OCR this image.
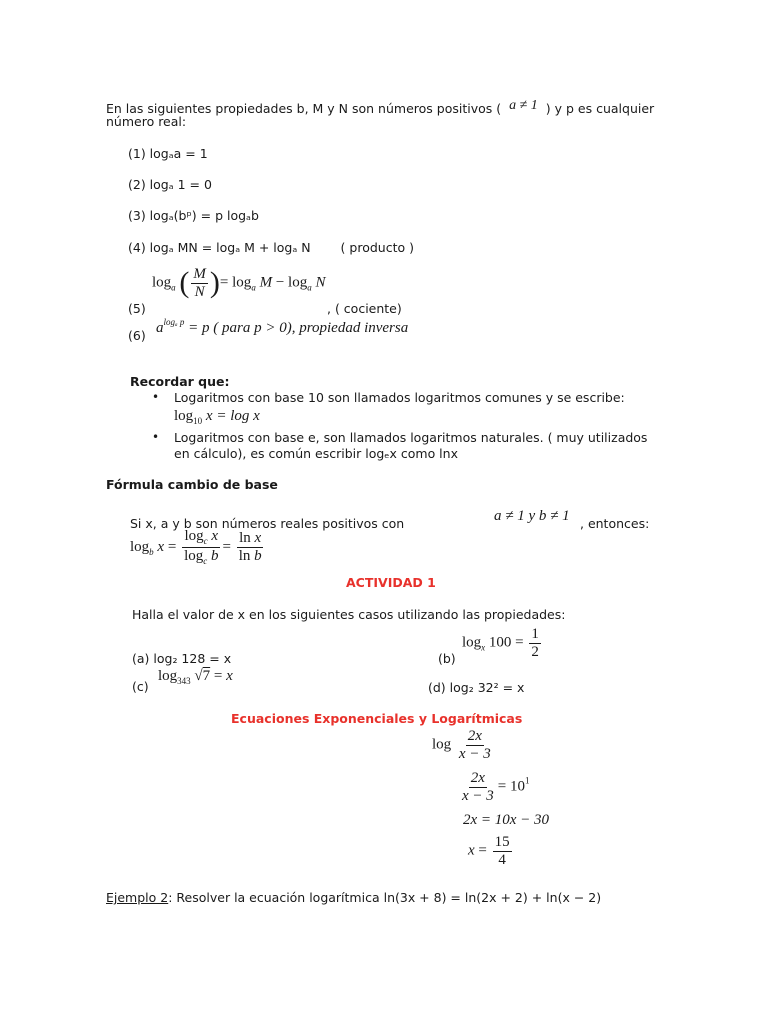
En las siguientes propiedades b, M y N son números positivos ( a ≠ 1 ) y p es cualquier
número real:
(1) logₐa = 1
(2) logₐ 1 = 0
(3) logₐ(bᵖ) = p logₐb
(4) logₐ MN = logₐ M + logₐ N ( producto )
$\log_a$ ( $\frac{M}{N}$ )= $\log_a M - \log_a N$
(5)	, ( cociente)
(6) $a^{log_a p} = p$ ( para p > 0), propiedad inversa
Recordar que:
• Logaritmos con base 10 son llamados logaritmos comunes y se escribe:
$\log_{10} x = \log x$
• Logaritmos con base e, son llamados logaritmos naturales. ( muy utilizados
en cálculo), es común escribir logₑx como lnx
Fórmula cambio de base
Si x, a y b son números reales positivos con	a ≠ 1 y b ≠ 1 , entonces:
$\log_b x = \frac{\log_c x}{\log_c b} = \frac{\text{ln x}}{\text{ln b}}$
ACTIVIDAD 1
Halla el valor de x en los siguientes casos utilizando las propiedades:
(a) log₂ 128 = x	(b)
$\log_x 100 = \frac{1}{2}$
(c)
$\log_{343} √7 = x$
(d) log₂ 32² = x
Ecuaciones Exponenciales y Logarítmicas
$\log \frac{2x}{x - 3}$
$\frac{2x}{x - 3} = 10^1$
2x = 10x − 30
$x = \frac{15}{4}$
Ejemplo 2: Resolver la ecuación logarítmica ln(3x + 8) = ln(2x + 2) + ln(x − 2)
